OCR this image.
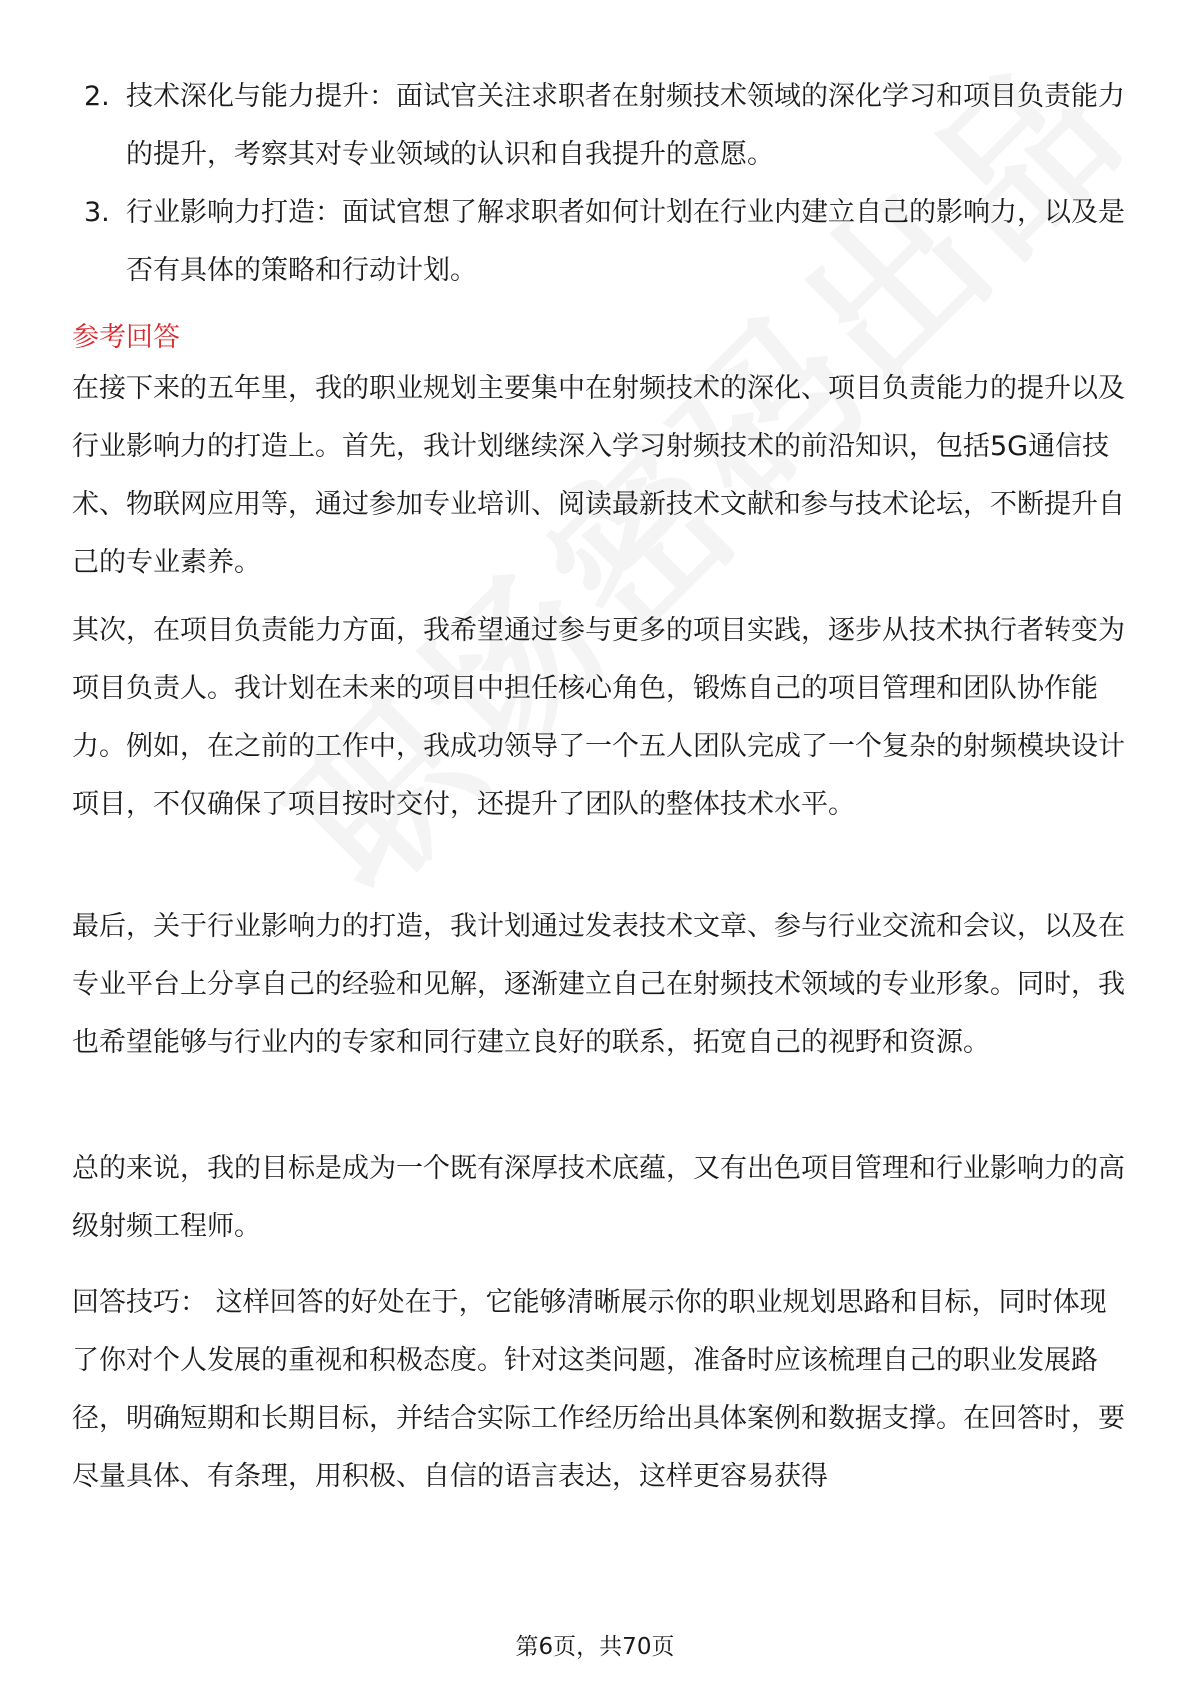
2. 技术深化与能力提升：面试官关注求职者在射频技术领域的深化学习和项目负责能力的提升，考察其对专业领域的认识和自我提升的意愿。
3. 行业影响力打造：面试官想了解求职者如何计划在行业内建立自己的影响力，以及是否有具体的策略和行动计划。
参考回答

在接下来的五年里，我的职业规划主要集中在射频技术的深化、项目负责能力的提升以及行业影响力的打造上。首先，我计划继续深入学习射频技术的前沿知识，包括5G通信技术、物联网应用等，通过参加专业培训、阅读最新技术文献和参与技术论坛，不断提升自己的专业素养。

其次，在项目负责能力方面，我希望通过参与更多的项目实践，逐步从技术执行者转变为项目负责人。我计划在未来的项目中担任核心角色，锻炼自己的项目管理和团队协作能力。例如，在之前的工作中，我成功领导了一个五人团队完成了一个复杂的射频模块设计项目，不仅确保了项目按时交付，还提升了团队的整体技术水平。

最后，关于行业影响力的打造，我计划通过发表技术文章、参与行业交流和会议，以及在专业平台上分享自己的经验和见解，逐渐建立自己在射频技术领域的专业形象。同时，我也希望能够与行业内的专家和同行建立良好的联系，拓宽自己的视野和资源。

总的来说，我的目标是成为一个既有深厚技术底蕴，又有出色项目管理和行业影响力的高级射频工程师。

回答技巧： 这样回答的好处在于，它能够清晰展示你的职业规划思路和目标，同时体现了你对个人发展的重视和积极态度。针对这类问题，准备时应该梳理自己的职业发展路径，明确短期和长期目标，并结合实际工作经历给出具体案例和数据支撑。在回答时，要尽量具体、有条理，用积极、自信的语言表达，这样更容易获得

第6页，共70页
